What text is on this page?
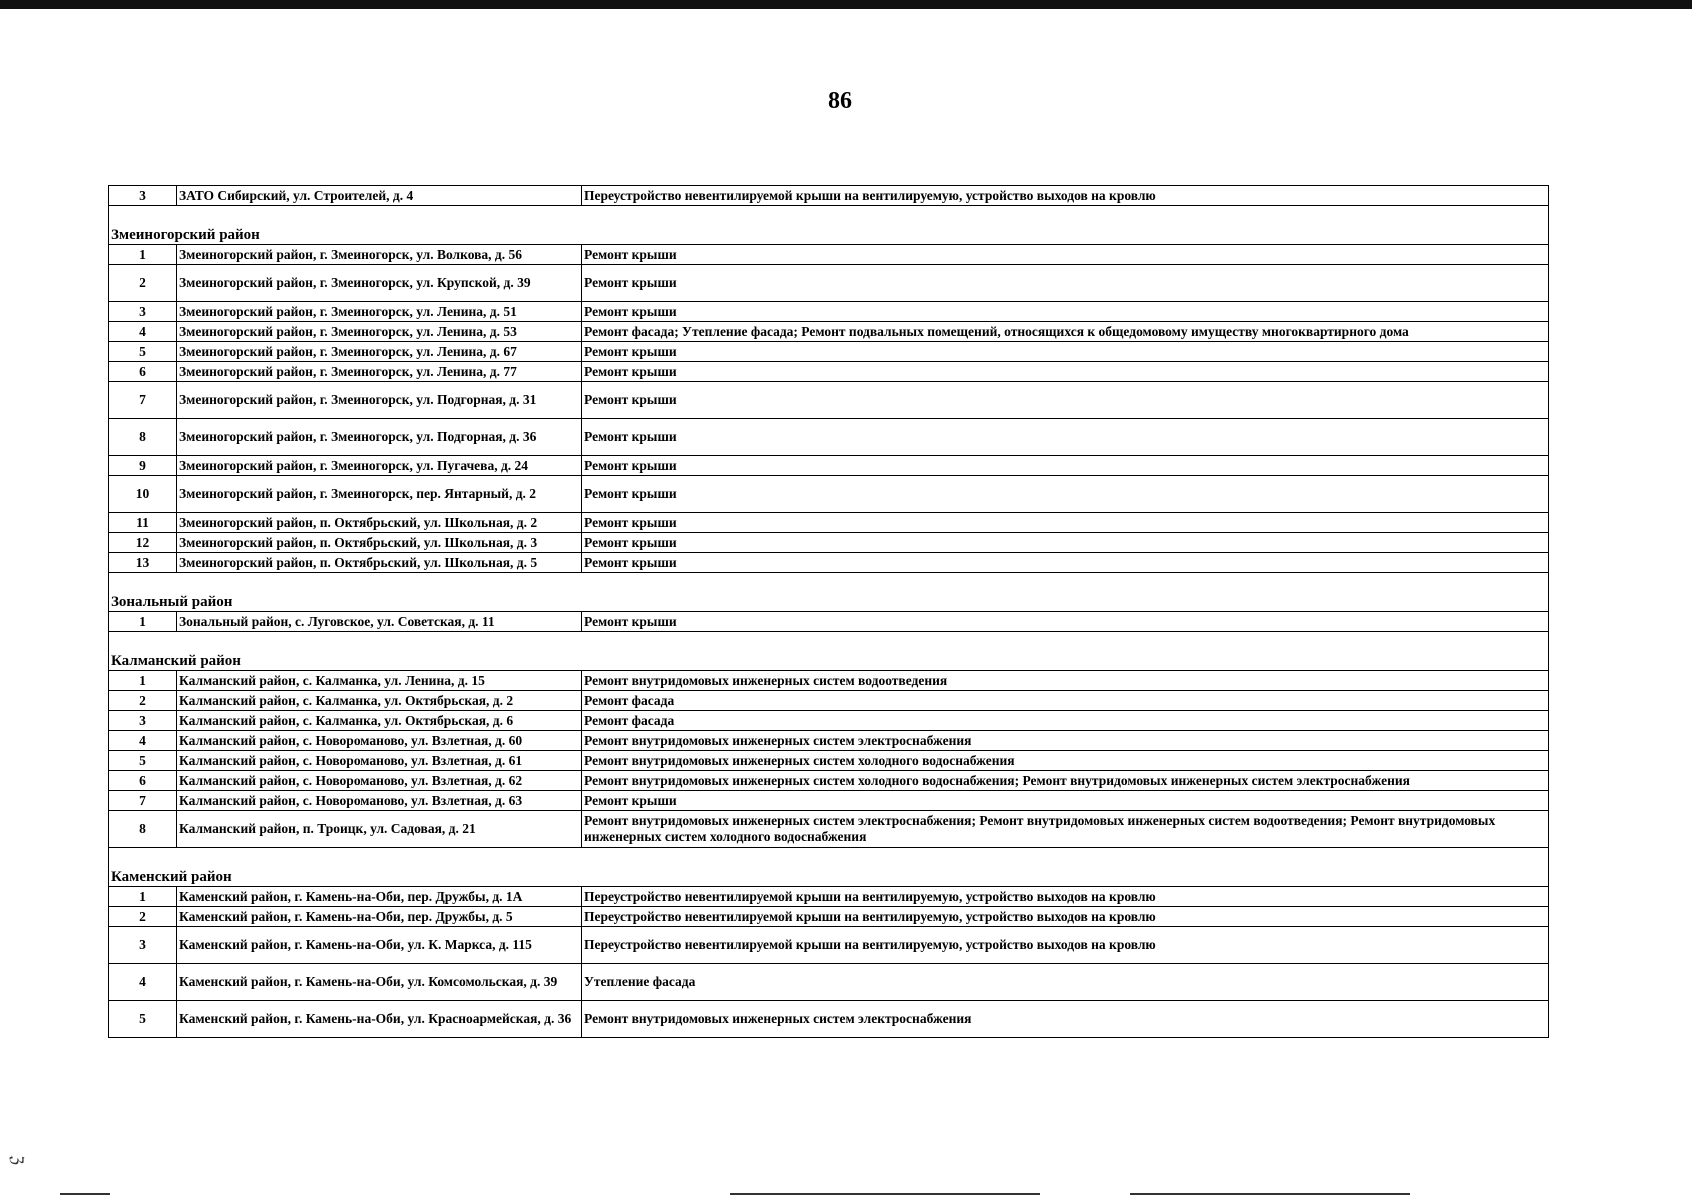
86
3	ЗАТО Сибирский, ул. Строителей, д. 4	Переустройство невентилируемой крыши на вентилируемую, устройство выходов на кровлю

Змеиногорский район		
1	Змеиногорский район, г. Змеиногорск, ул. Волкова, д. 56	Ремонт крыши
2	Змеиногорский район, г. Змеиногорск, ул. Крупской, д. 39	Ремонт крыши
3	Змеиногорский район, г. Змеиногорск, ул. Ленина, д. 51	Ремонт крыши
4	Змеиногорский район, г. Змеиногорск, ул. Ленина, д. 53	Ремонт фасада; Утепление фасада; Ремонт подвальных помещений, относящихся к общедомовому имуществу многоквартирного дома
5	Змеиногорский район, г. Змеиногорск, ул. Ленина, д. 67	Ремонт крыши
6	Змеиногорский район, г. Змеиногорск, ул. Ленина, д. 77	Ремонт крыши
7	Змеиногорский район, г. Змеиногорск, ул. Подгорная, д. 31	Ремонт крыши
8	Змеиногорский район, г. Змеиногорск, ул. Подгорная, д. 36	Ремонт крыши
9	Змеиногорский район, г. Змеиногорск, ул. Пугачева, д. 24	Ремонт крыши
10	Змеиногорский район, г. Змеиногорск, пер. Янтарный, д. 2	Ремонт крыши
11	Змеиногорский район, п. Октябрьский, ул. Школьная, д. 2	Ремонт крыши
12	Змеиногорский район, п. Октябрьский, ул. Школьная, д. 3	Ремонт крыши
13	Змеиногорский район, п. Октябрьский, ул. Школьная, д. 5	Ремонт крыши

Зональный район		
1	Зональный район, с. Луговское, ул. Советская, д. 11	Ремонт крыши

Калманский район		
1	Калманский район, с. Калманка, ул. Ленина, д. 15	Ремонт внутридомовых инженерных систем водоотведения
2	Калманский район, с. Калманка, ул. Октябрьская, д. 2	Ремонт фасада
3	Калманский район, с. Калманка, ул. Октябрьская, д. 6	Ремонт фасада
4	Калманский район, с. Новороманово, ул. Взлетная, д. 60	Ремонт внутридомовых инженерных систем электроснабжения
5	Калманский район, с. Новороманово, ул. Взлетная, д. 61	Ремонт внутридомовых инженерных систем холодного водоснабжения
6	Калманский район, с. Новороманово, ул. Взлетная, д. 62	Ремонт внутридомовых инженерных систем холодного водоснабжения; Ремонт внутридомовых инженерных систем электроснабжения
7	Калманский район, с. Новороманово, ул. Взлетная, д. 63	Ремонт крыши
8	Калманский район, п. Троицк, ул. Садовая, д. 21	Ремонт внутридомовых инженерных систем электроснабжения; Ремонт внутридомовых инженерных систем водоотведения; Ремонт внутридомовых инженерных систем холодного водоснабжения

Каменский район		
1	Каменский район, г. Камень-на-Оби, пер. Дружбы, д. 1А	Переустройство невентилируемой крыши на вентилируемую, устройство выходов на кровлю
2	Каменский район, г. Камень-на-Оби, пер. Дружбы, д. 5	Переустройство невентилируемой крыши на вентилируемую, устройство выходов на кровлю
3	Каменский район, г. Камень-на-Оби, ул. К. Маркса, д. 115	Переустройство невентилируемой крыши на вентилируемую, устройство выходов на кровлю
4	Каменский район, г. Камень-на-Оби, ул. Комсомольская, д. 39	Утепление фасада
5	Каменский район, г. Камень-на-Оби, ул. Красноармейская, д. 36	Ремонт внутридомовых инженерных систем электроснабжения
ℨ
